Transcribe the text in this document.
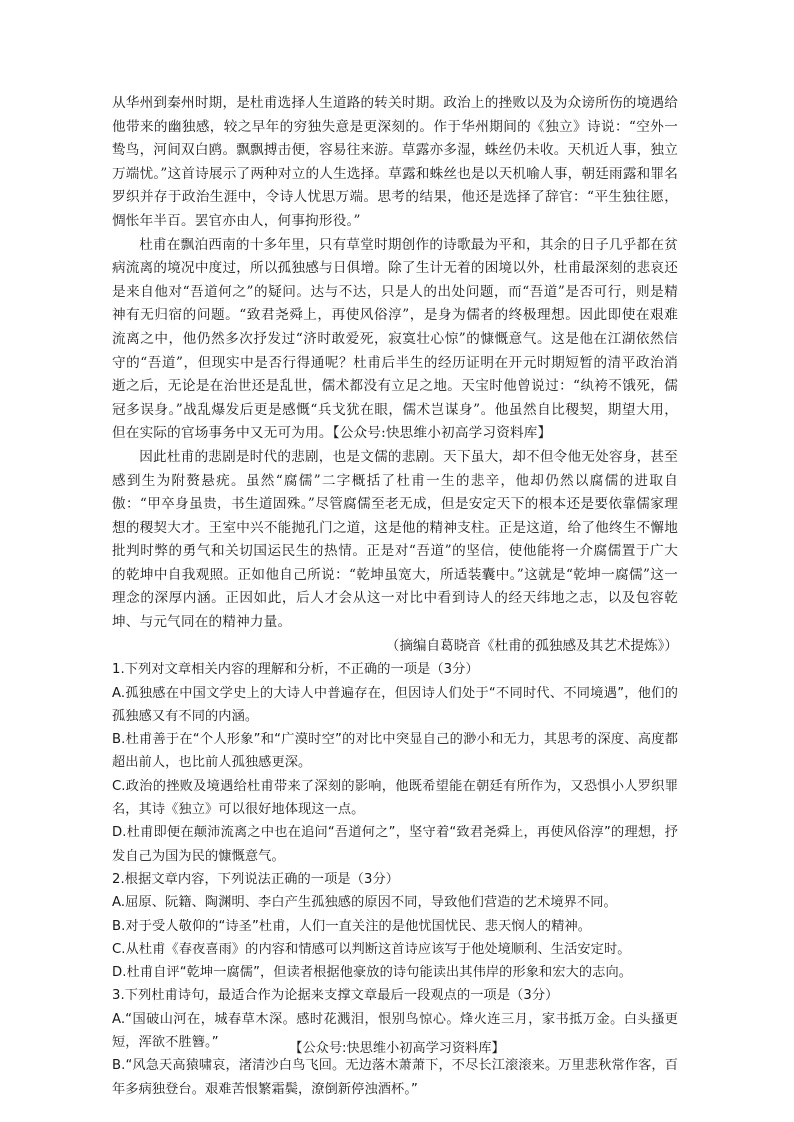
从华州到秦州时期，是杜甫选择人生道路的转关时期。政治上的挫败以及为众谤所伤的境遇给他带来的幽独感，较之早年的穷独失意是更深刻的。作于华州期间的《独立》诗说：“空外一鸷鸟，河间双白鸥。飘飘搏击便，容易往来游。草露亦多湿，蛛丝仍未收。天机近人事，独立万端忧。”这首诗展示了两种对立的人生选择。草露和蛛丝也是以天机喻人事，朝廷雨露和罪名罗织并存于政治生涯中，令诗人忧思万端。思考的结果，他还是选择了辞官：“平生独往愿，惆怅年半百。罢官亦由人，何事拘形役。”

杜甫在飘泊西南的十多年里，只有草堂时期创作的诗歌最为平和，其余的日子几乎都在贫病流离的境况中度过，所以孤独感与日俱增。除了生计无着的困境以外，杜甫最深刻的悲哀还是来自他对“吾道何之”的疑问。达与不达，只是人的出处问题，而“吾道”是否可行，则是精神有无归宿的问题。“致君尧舜上，再使风俗淳”，是身为儒者的终极理想。因此即使在艰难流离之中，他仍然多次抒发过“济时敢爱死，寂寞壮心惊”的慷慨意气。这是他在江湖依然信守的“吾道”，但现实中是否行得通呢？杜甫后半生的经历证明在开元时期短暂的清平政治消逝之后，无论是在治世还是乱世，儒术都没有立足之地。天宝时他曾说过：“纨袴不饿死，儒冠多误身。”战乱爆发后更是感慨“兵戈犹在眼，儒术岂谋身”。他虽然自比稷契，期望大用，但在实际的官场事务中又无可为用。【公众号:快思维小初高学习资料库】

因此杜甫的悲剧是时代的悲剧，也是文儒的悲剧。天下虽大，却不但令他无处容身，甚至感到生为附赘悬疣。虽然“腐儒”二字概括了杜甫一生的悲辛，他却仍然以腐儒的进取自傲：“甲卒身虽贵，书生道固殊。”尽管腐儒至老无成，但是安定天下的根本还是要依靠儒家理想的稷契大才。王室中兴不能抛孔门之道，这是他的精神支柱。正是这道，给了他终生不懈地批判时弊的勇气和关切国运民生的热情。正是对“吾道”的坚信，使他能将一介腐儒置于广大的乾坤中自我观照。正如他自己所说：“乾坤虽宽大，所适装囊中。”这就是“乾坤一腐儒”这一理念的深厚内涵。正因如此，后人才会从这一对比中看到诗人的经天纬地之志，以及包容乾坤、与元气同在的精神力量。

（摘编自葛晓音《杜甫的孤独感及其艺术提炼》）

1.下列对文章相关内容的理解和分析，不正确的一项是（3分）

A.孤独感在中国文学史上的大诗人中普遍存在，但因诗人们处于“不同时代、不同境遇”，他们的孤独感又有不同的内涵。

B.杜甫善于在“个人形象”和“广漠时空”的对比中突显自己的渺小和无力，其思考的深度、高度都超出前人，也比前人孤独感更深。

C.政治的挫败及境遇给杜甫带来了深刻的影响，他既希望能在朝廷有所作为，又恐惧小人罗织罪名，其诗《独立》可以很好地体现这一点。

D.杜甫即便在颠沛流离之中也在追问“吾道何之”，坚守着“致君尧舜上，再使风俗淳”的理想，抒发自己为国为民的慷慨意气。

2.根据文章内容，下列说法正确的一项是（3分）

A.屈原、阮籍、陶渊明、李白产生孤独感的原因不同，导致他们营造的艺术境界不同。

B.对于受人敬仰的“诗圣”杜甫，人们一直关注的是他忧国忧民、悲天悯人的精神。

C.从杜甫《春夜喜雨》的内容和情感可以判断这首诗应该写于他处境顺利、生活安定时。

D.杜甫自评“乾坤一腐儒”，但读者根据他豪放的诗句能读出其伟岸的形象和宏大的志向。

3.下列杜甫诗句，最适合作为论据来支撑文章最后一段观点的一项是（3分）

A.“国破山河在，城春草木深。感时花溅泪，恨别鸟惊心。烽火连三月，家书抵万金。白头搔更短，浑欲不胜簪。”

B.“风急天高猿啸哀，渚清沙白鸟飞回。无边落木萧萧下，不尽长江滚滚来。万里悲秋常作客，百年多病独登台。艰难苦恨繁霜鬓，潦倒新停浊酒杯。”

【公众号:快思维小初高学习资料库】
